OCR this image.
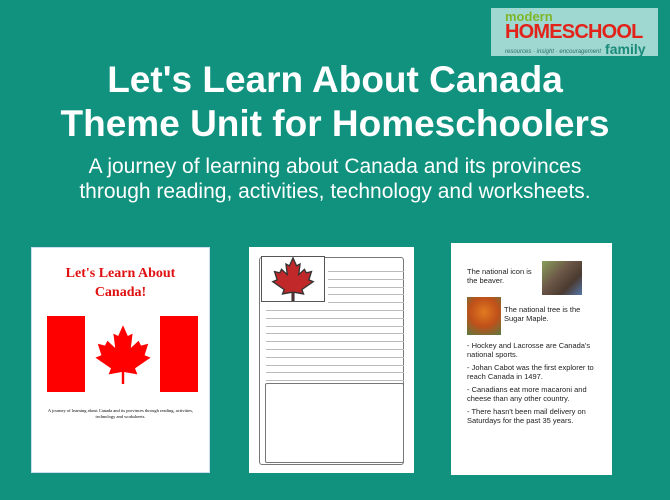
modern
HOMESCHOOL
resources · insight · encouragement family
Let's Learn About Canada
Theme Unit for Homeschoolers
A journey of learning about Canada and its provinces
through reading, activities, technology and worksheets.
Let's Learn About
Canada!
A journey of learning about Canada and its provinces through reading, activities, technology and worksheets.
The national icon is the beaver.
The national tree is the Sugar Maple.
- Hockey and Lacrosse are Canada's national sports.
- Johan Cabot was the first explorer to reach Canada in 1497.
- Canadians eat more macaroni and cheese than any other country.
- There hasn't been mail delivery on Saturdays for the past 35 years.
